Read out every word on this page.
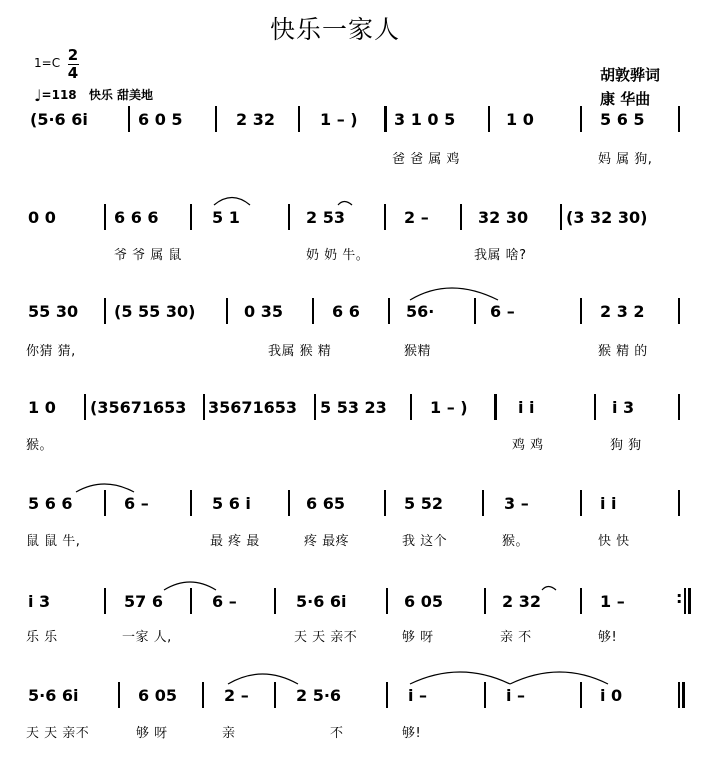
快乐一家人
1=C 2
4
♩=118 快乐 甜美地
胡敦骅词
康 华曲
(5·6 6i	6 0 5	2 32	1 – ) 3 1 0 5	1 0	5 6 5
爸 爸 属 鸡	妈 属 狗,
0 0	6 6 6	5 1	2 53	2 –	32 30 (3 32 30)
爷 爷 属 鼠	奶 奶 牛。	我属 啥?
55 30 (5 55 30)	0 35	6 6	56·	6 –	2 3 2
你猜 猜,	我属 猴 精	猴精	猴 精 的
1 0 (35671653 35671653 5 53 23	1 – )	i i	i 3
猴。	鸡 鸡	狗 狗
5 6 6	6 –	5 6 i	6 65	5 52	3 –	i i
鼠 鼠 牛,	最 疼 最	疼 最疼	我 这个	猴。	快 快
i 3	57 6	6 –	5·6 6i	6 05	2 32	1 –	:
乐 乐	一家 人,	天 天 亲不	够 呀	亲 不	够!
5·6 6i	6 05	2 –	2 5·6	i –	i –	i 0
天 天 亲不	够 呀	亲	不	够!
